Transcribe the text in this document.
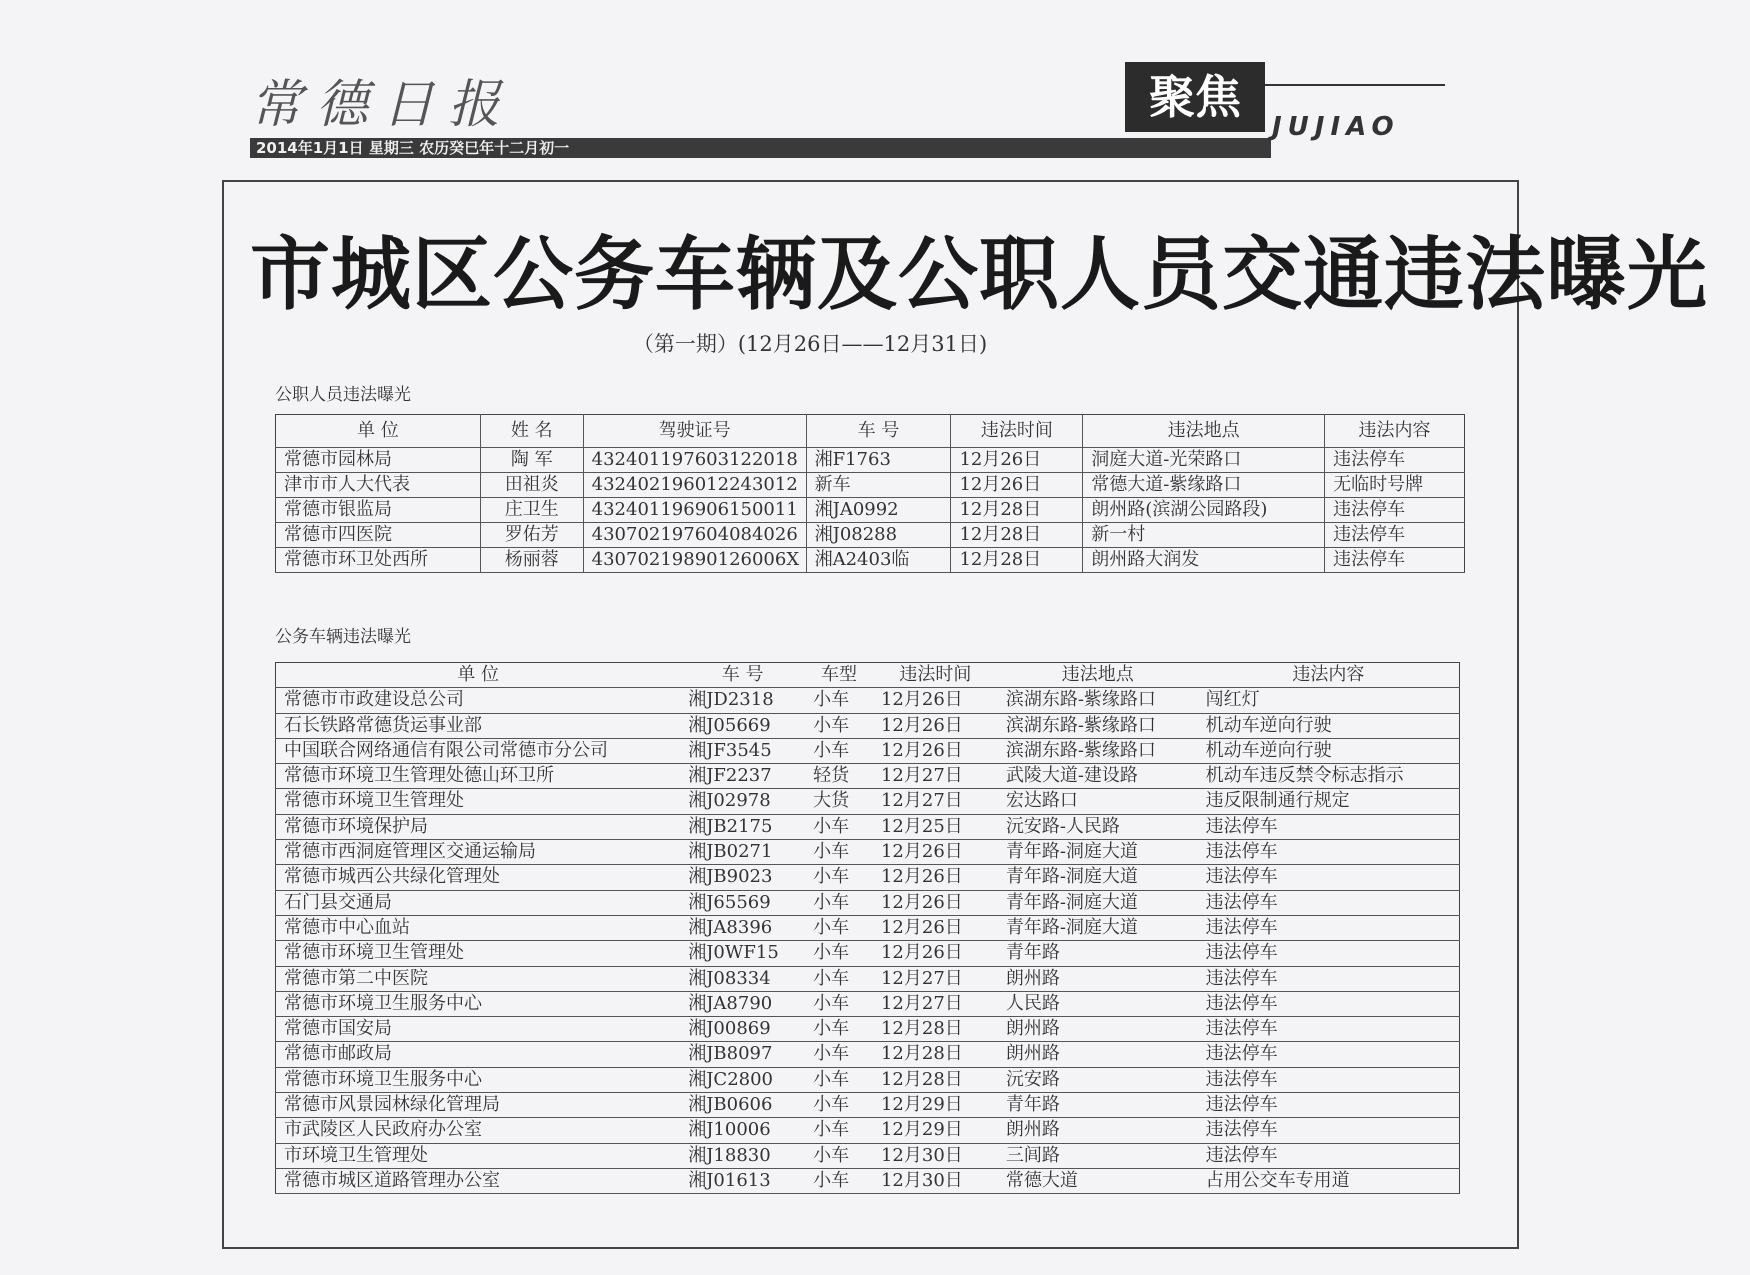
常德日报
2014年1月1日 星期三 农历癸巳年十二月初一
聚焦
JUJIAO
市城区公务车辆及公职人员交通违法曝光
（第一期）(12月26日——12月31日)
公职人员违法曝光
单 位	姓 名	驾驶证号	车 号	违法时间	违法地点	违法内容
常德市园林局	陶 军	432401197603122018	湘F1763	12月26日	洞庭大道-光荣路口	违法停车
津市市人大代表	田祖炎	432402196012243012	新车	12月26日	常德大道-紫缘路口	无临时号牌
常德市银监局	庄卫生	432401196906150011	湘JA0992	12月28日	朗州路(滨湖公园路段)	违法停车
常德市四医院	罗佑芳	430702197604084026	湘J08288	12月28日	新一村	违法停车
常德市环卫处西所	杨丽蓉	43070219890126006X	湘A2403临	12月28日	朗州路大润发	违法停车
公务车辆违法曝光
单 位	车 号	车型	违法时间	违法地点	违法内容
常德市市政建设总公司	湘JD2318	小车	12月26日	滨湖东路-紫缘路口	闯红灯
石长铁路常德货运事业部	湘J05669	小车	12月26日	滨湖东路-紫缘路口	机动车逆向行驶
中国联合网络通信有限公司常德市分公司	湘JF3545	小车	12月26日	滨湖东路-紫缘路口	机动车逆向行驶
常德市环境卫生管理处德山环卫所	湘JF2237	轻货	12月27日	武陵大道-建设路	机动车违反禁令标志指示
常德市环境卫生管理处	湘J02978	大货	12月27日	宏达路口	违反限制通行规定
常德市环境保护局	湘JB2175	小车	12月25日	沅安路-人民路	违法停车
常德市西洞庭管理区交通运输局	湘JB0271	小车	12月26日	青年路-洞庭大道	违法停车
常德市城西公共绿化管理处	湘JB9023	小车	12月26日	青年路-洞庭大道	违法停车
石门县交通局	湘J65569	小车	12月26日	青年路-洞庭大道	违法停车
常德市中心血站	湘JA8396	小车	12月26日	青年路-洞庭大道	违法停车
常德市环境卫生管理处	湘J0WF15	小车	12月26日	青年路	违法停车
常德市第二中医院	湘J08334	小车	12月27日	朗州路	违法停车
常德市环境卫生服务中心	湘JA8790	小车	12月27日	人民路	违法停车
常德市国安局	湘J00869	小车	12月28日	朗州路	违法停车
常德市邮政局	湘JB8097	小车	12月28日	朗州路	违法停车
常德市环境卫生服务中心	湘JC2800	小车	12月28日	沅安路	违法停车
常德市风景园林绿化管理局	湘JB0606	小车	12月29日	青年路	违法停车
市武陵区人民政府办公室	湘J10006	小车	12月29日	朗州路	违法停车
市环境卫生管理处	湘J18830	小车	12月30日	三闾路	违法停车
常德市城区道路管理办公室	湘J01613	小车	12月30日	常德大道	占用公交车专用道
